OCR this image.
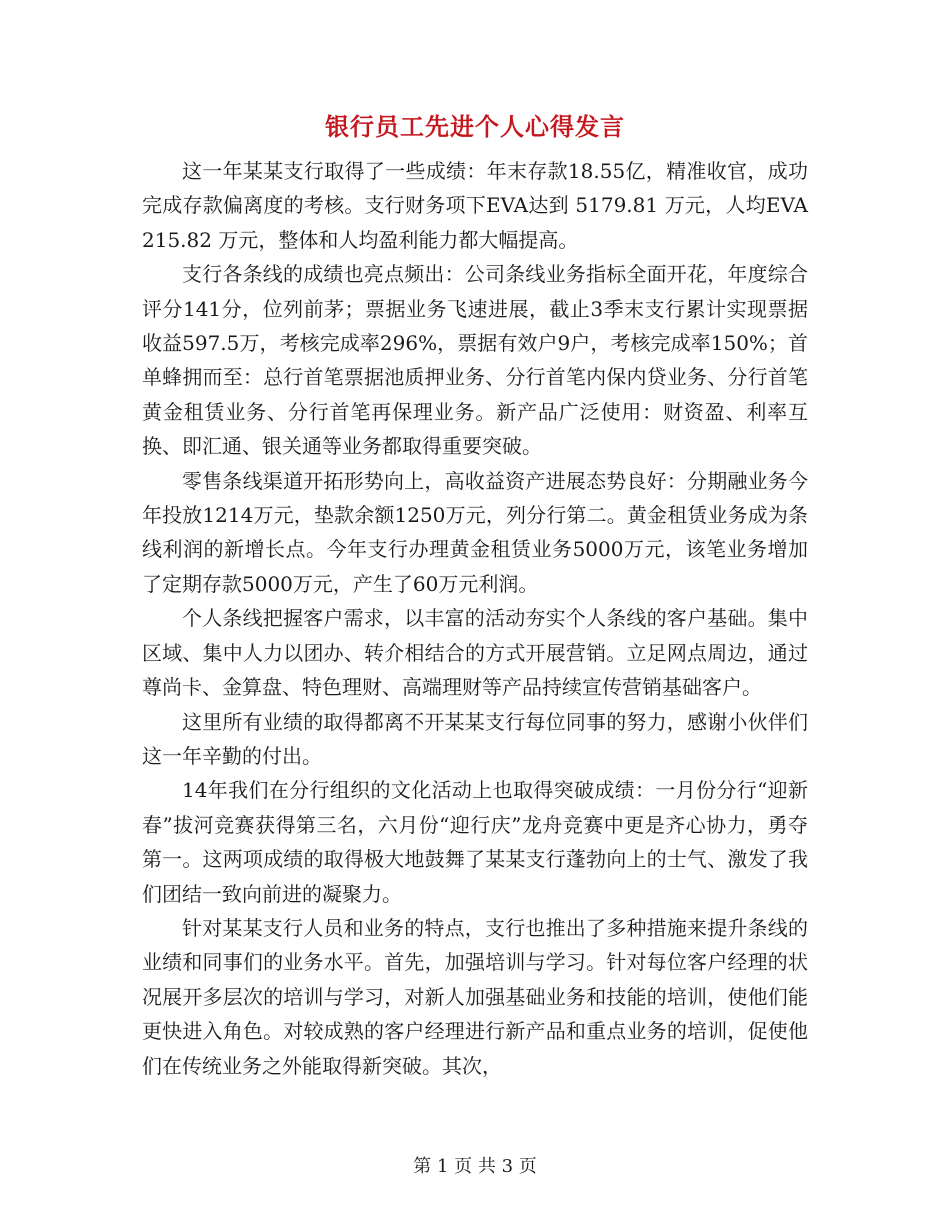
银行员工先进个人心得发言

这一年某某支行取得了一些成绩：年末存款18.55亿，精准收官，成功完成存款偏离度的考核。支行财务项下EVA达到 5179.81 万元，人均EVA215.82 万元，整体和人均盈利能力都大幅提高。

支行各条线的成绩也亮点频出：公司条线业务指标全面开花，年度综合评分141分，位列前茅；票据业务飞速进展，截止3季末支行累计实现票据收益597.5万，考核完成率296%，票据有效户9户，考核完成率150%；首单蜂拥而至：总行首笔票据池质押业务、分行首笔内保内贷业务、分行首笔黄金租赁业务、分行首笔再保理业务。新产品广泛使用：财资盈、利率互换、即汇通、银关通等业务都取得重要突破。

零售条线渠道开拓形势向上，高收益资产进展态势良好：分期融业务今年投放1214万元，垫款余额1250万元，列分行第二。黄金租赁业务成为条线利润的新增长点。今年支行办理黄金租赁业务5000万元，该笔业务增加了定期存款5000万元，产生了60万元利润。

个人条线把握客户需求，以丰富的活动夯实个人条线的客户基础。集中区域、集中人力以团办、转介相结合的方式开展营销。立足网点周边，通过尊尚卡、金算盘、特色理财、高端理财等产品持续宣传营销基础客户。

这里所有业绩的取得都离不开某某支行每位同事的努力，感谢小伙伴们这一年辛勤的付出。

14年我们在分行组织的文化活动上也取得突破成绩：一月份分行“迎新春”拔河竞赛获得第三名，六月份“迎行庆”龙舟竞赛中更是齐心协力，勇夺第一。这两项成绩的取得极大地鼓舞了某某支行蓬勃向上的士气、激发了我们团结一致向前进的凝聚力。

针对某某支行人员和业务的特点，支行也推出了多种措施来提升条线的业绩和同事们的业务水平。首先，加强培训与学习。针对每位客户经理的状况展开多层次的培训与学习，对新人加强基础业务和技能的培训，使他们能更快进入角色。对较成熟的客户经理进行新产品和重点业务的培训，促使他们在传统业务之外能取得新突破。其次，

第 1 页 共 3 页
